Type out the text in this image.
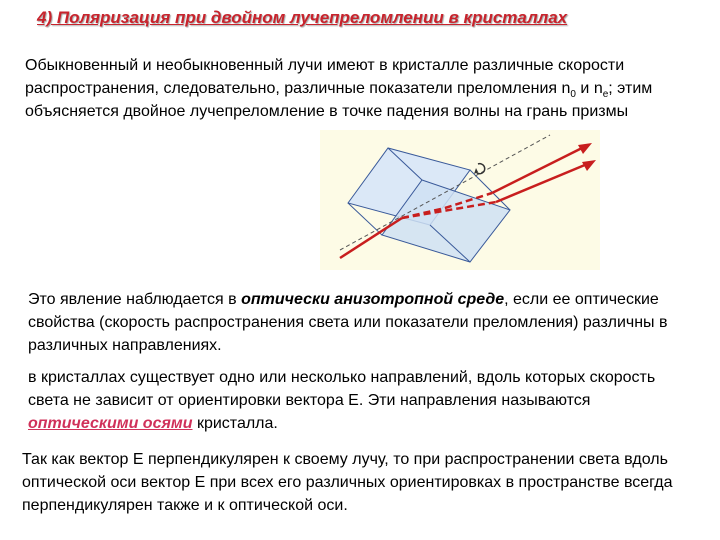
4) Поляризация при двойном лучепреломлении в кристаллах

Обыкновенный и необыкновенный лучи имеют в кристалле различные скорости распространения, следовательно, различные показатели преломления $n_0$ и $n_e$; этим объясняется двойное лучепреломление в точке падения волны на грань призмы

Это явление наблюдается в оптически анизотропной среде, если ее оптические свойства (скорость распространения света или показатели преломления) различны в различных направлениях.

в кристаллах существует одно или несколько направлений, вдоль которых скорость света не зависит от ориентировки вектора Е. Эти направления называются оптическими осями кристалла.

Так как вектор Е перпендикулярен к своему лучу, то при распространении света вдоль оптической оси вектор Е при всех его различных ориентировках в пространстве всегда перпендикулярен также и к оптической оси.
